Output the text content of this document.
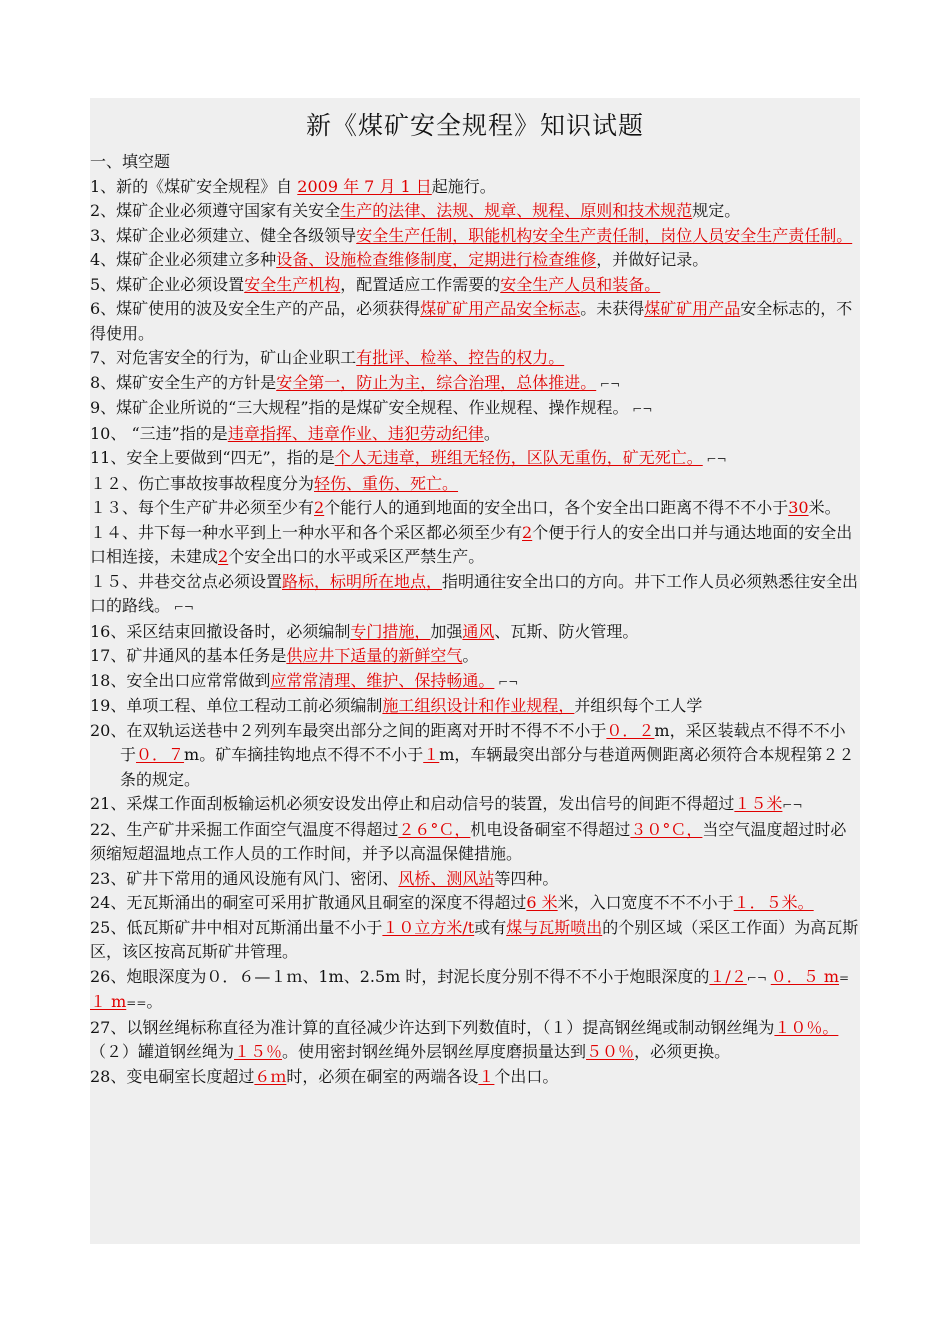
新《煤矿安全规程》知识试题
一、填空题
1、新的《煤矿安全规程》自 2009 年 7 月 1 日起施行。
2、煤矿企业必须遵守国家有关安全生产的法律、法规、规章、规程、原则和技术规范规定。
3、煤矿企业必须建立、健全各级领导安全生产任制，职能机构安全生产责任制，岗位人员安全生产责任制。
4、煤矿企业必须建立多种设备、设施检查维修制度，定期进行检查维修，并做好记录。
5、煤矿企业必须设置安全生产机构，配置适应工作需要的安全生产人员和装备。
6、煤矿使用的波及安全生产的产品，必须获得煤矿矿用产品安全标志。未获得煤矿矿用产品安全标志的，不得使用。
7、对危害安全的行为，矿山企业职工有批评、检举、控告的权力。
8、煤矿安全生产的方针是安全第一，防止为主，综合治理，总体推进。 ⌐¬
9、煤矿企业所说的“三大规程”指的是煤矿安全规程、作业规程、操作规程。 ⌐¬
10、 “三违”指的是违章指挥、违章作业、违犯劳动纪律。
11、安全上要做到“四无”，指的是个人无违章，班组无轻伤，区队无重伤，矿无死亡。 ⌐¬
１２、伤亡事故按事故程度分为轻伤、重伤、死亡。
１３、每个生产矿井必须至少有2个能行人的通到地面的安全出口，各个安全出口距离不得不不小于30米。
１４、井下每一种水平到上一种水平和各个采区都必须至少有2个便于行人的安全出口并与通达地面的安全出口相连接，未建成2个安全出口的水平或采区严禁生产。
１５、井巷交岔点必须设置路标，标明所在地点，指明通往安全出口的方向。井下工作人员必须熟悉往安全出口的路线。 ⌐¬
16、采区结束回撤设备时，必须编制专门措施，加强通风、瓦斯、防火管理。
17、矿井通风的基本任务是供应井下适量的新鲜空气。
18、安全出口应常常做到应常常清理、维护、保持畅通。 ⌐¬
19、单项工程、单位工程动工前必须编制施工组织设计和作业规程，并组织每个工人学
20、在双轨运送巷中２列列车最突出部分之间的距离对开时不得不不小于０．２m，采区装载点不得不不小于０．７m。矿车摘挂钩地点不得不不小于１m，车辆最突出部分与巷道两侧距离必须符合本规程第２２条的规定。
21、采煤工作面刮板输运机必须安设发出停止和启动信号的装置，发出信号的间距不得超过１５米⌐¬
22、生产矿井采掘工作面空气温度不得超过２６°Ｃ，机电设备硐室不得超过３０°Ｃ，当空气温度超过时必须缩短超温地点工作人员的工作时间，并予以高温保健措施。
23、矿井下常用的通风设施有风门、密闭、风桥、测风站等四种。
24、无瓦斯涌出的硐室可采用扩散通风且硐室的深度不得超过6 米米，入口宽度不不不小于１．５米。
25、低瓦斯矿井中相对瓦斯涌出量不小于１０立方米/t或有煤与瓦斯喷出的个别区域（采区工作面）为高瓦斯区，该区按高瓦斯矿井管理。
26、炮眼深度为０．６—１ｍ、1m、2.5m 时，封泥长度分别不得不不小于炮眼深度的１/２⌐¬ ０．５ m=１ m==。
27、以钢丝绳标称直径为准计算的直径减少许达到下列数值时，（１）提高钢丝绳或制动钢丝绳为１０％。（２）罐道钢丝绳为１５％。使用密封钢丝绳外层钢丝厚度磨损量达到５０％，必须更换。
28、变电硐室长度超过６ｍ时，必须在硐室的两端各设１个出口。
